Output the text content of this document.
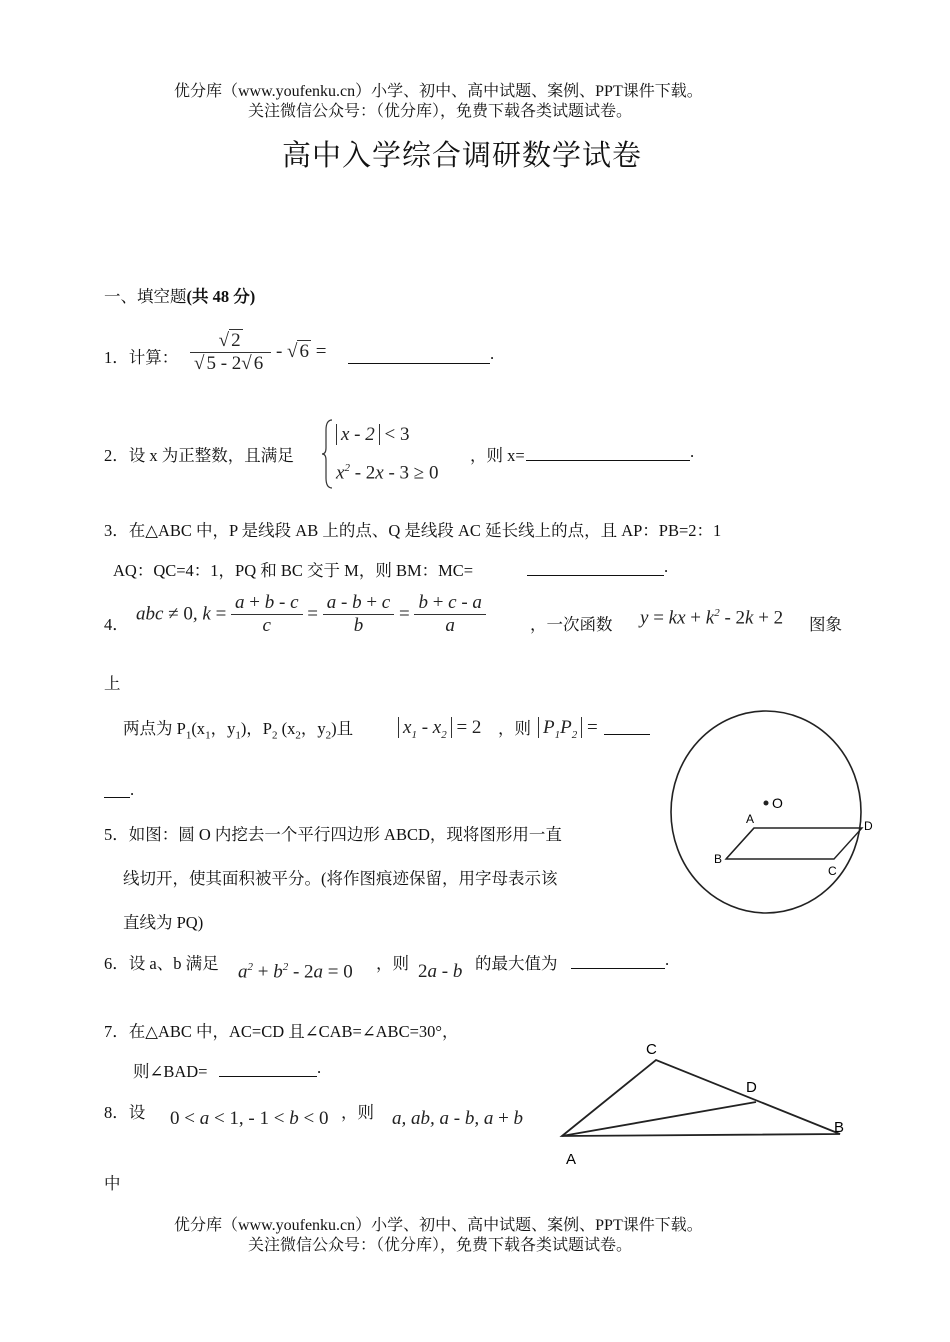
优分库（www.youfenku.cn）小学、初中、高中试题、案例、PPT课件下载。
关注微信公众号：（优分库），免费下载各类试题试卷。
高中入学综合调研数学试卷
一、填空题(共 48 分)
1．计算： $\frac{√ 2}{√ 5 - 2√ 6}$ - √ 6 =	.
2．设 x 为正整数，且满足
x - 2 < 3
$x^2 - 2x - 3 \ge 0$
，则 x=	.
3．在△ABC 中，P 是线段 AB 上的点、Q 是线段 AC 延长线上的点，且 AP：PB=2：1
AQ：QC=4：1，PQ 和 BC 交于 M，则 BM：MC=	.
4． abc ≠ 0, $k = \frac{a + b - c}{c} = \frac{a - b + c}{b} = \frac{b + c - a}{a}$	，一次函数 y = kx + $k^2 - 2k + 2$ 图象
上
两点为 $P_1(x_1$，$y_1$)，$P_2$ ($x_2$，$y_2$)且	$x_1 - x_2 = 2$ ，则 $P_1P_2$ =
.
O
A
B
C
D
5．如图：圆 O 内挖去一个平行四边形 ABCD，现将图形用一直
线切开，使其面积被平分。(将作图痕迹保留，用字母表示该
直线为 PQ)
6．设 a、b 满足 $a^2 + b^2 - 2a = 0$ ，则 2a - b 的最大值为	.
7．在△ABC 中，AC=CD 且∠CAB=∠ABC=30°，
则∠BAD=	.
C
D
B
A
8．设 0 < a < 1, - 1 < b < 0 ，则 a, ab, a - b, a + b
中
优分库（www.youfenku.cn）小学、初中、高中试题、案例、PPT课件下载。
关注微信公众号：（优分库），免费下载各类试题试卷。
